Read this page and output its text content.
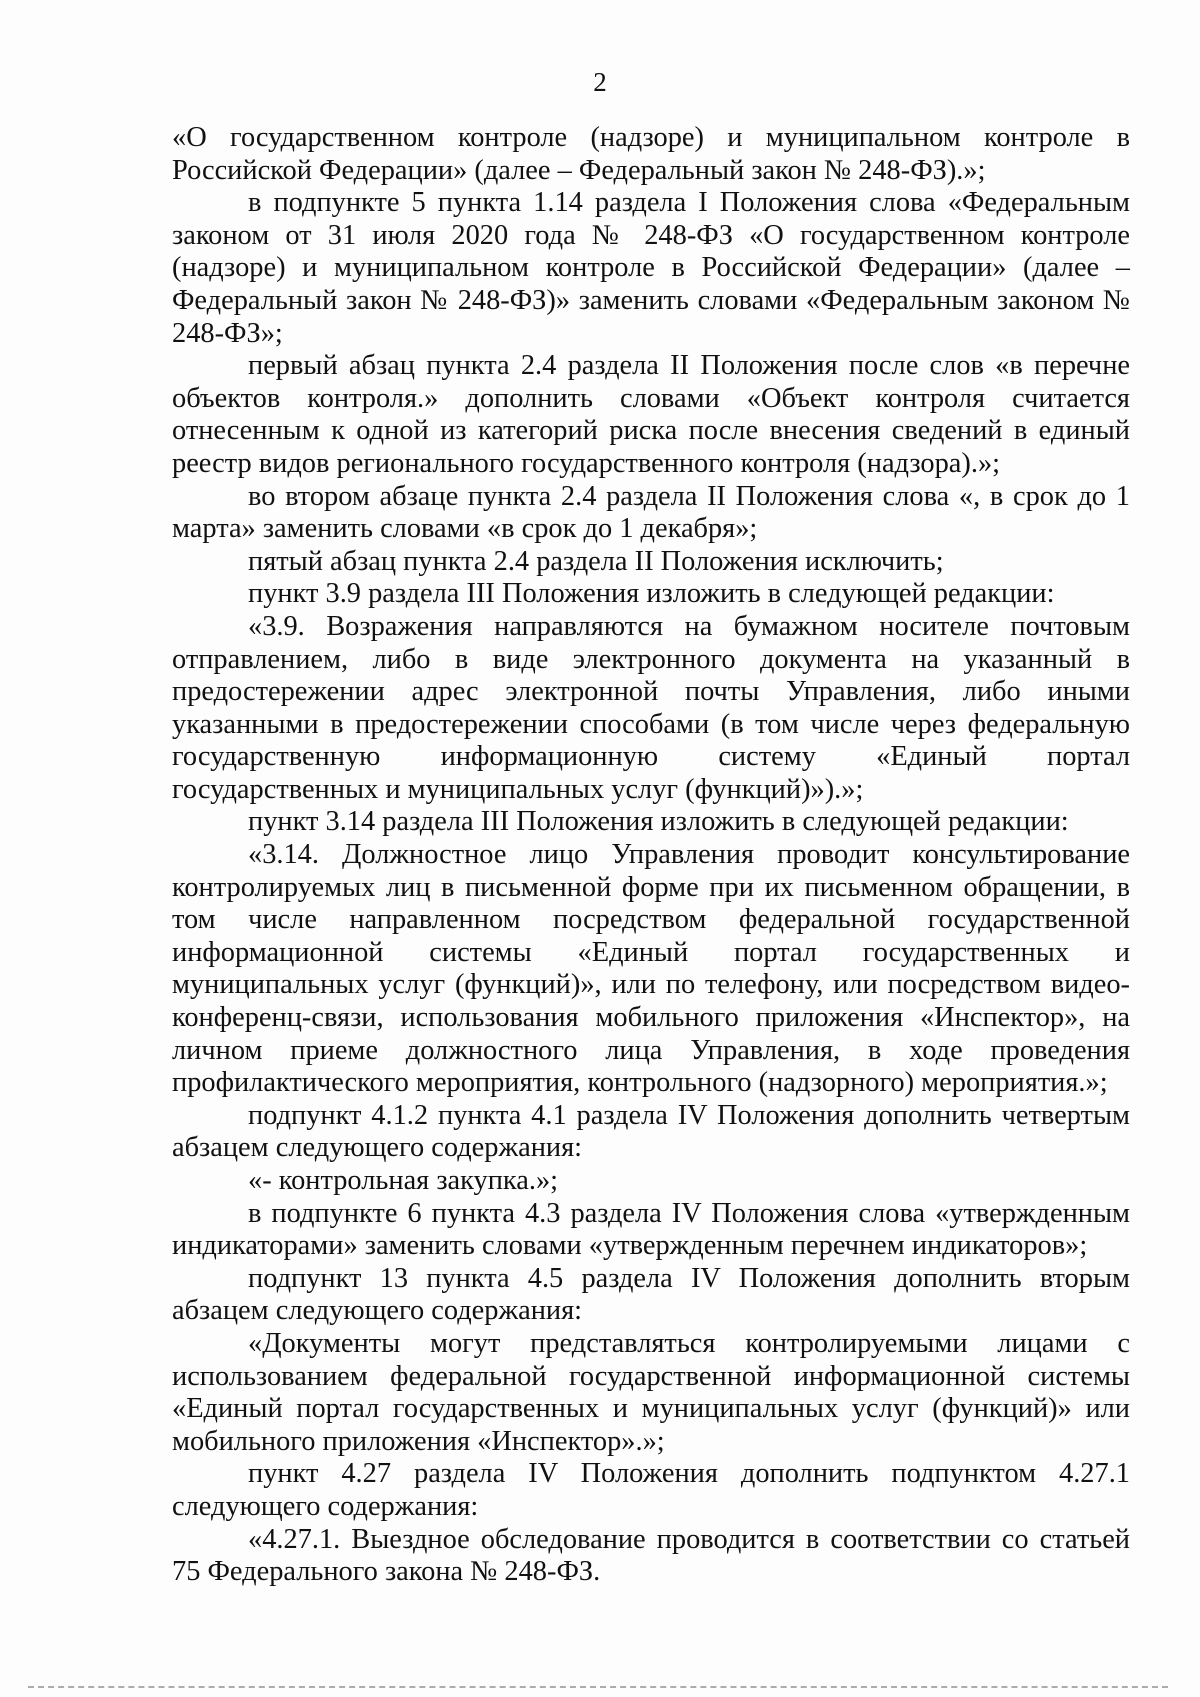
2

«О государственном контроле (надзоре) и муниципальном контроле в Российской Федерации» (далее – Федеральный закон № 248-ФЗ).»;

в подпункте 5 пункта 1.14 раздела I Положения слова «Федеральным законом от 31 июля 2020 года № 248-ФЗ «О государственном контроле (надзоре) и муниципальном контроле в Российской Федерации» (далее – Федеральный закон № 248-ФЗ)» заменить словами «Федеральным законом № 248-ФЗ»;

первый абзац пункта 2.4 раздела II Положения после слов «в перечне объектов контроля.» дополнить словами «Объект контроля считается отнесенным к одной из категорий риска после внесения сведений в единый реестр видов регионального государственного контроля (надзора).»;

во втором абзаце пункта 2.4 раздела II Положения слова «, в срок до 1 марта» заменить словами «в срок до 1 декабря»;

пятый абзац пункта 2.4 раздела II Положения исключить;

пункт 3.9 раздела III Положения изложить в следующей редакции:

«3.9. Возражения направляются на бумажном носителе почтовым отправлением, либо в виде электронного документа на указанный в предостережении адрес электронной почты Управления, либо иными указанными в предостережении способами (в том числе через федеральную государственную информационную систему «Единый портал государственных и муниципальных услуг (функций)»).»;

пункт 3.14 раздела III Положения изложить в следующей редакции:

«3.14. Должностное лицо Управления проводит консультирование контролируемых лиц в письменной форме при их письменном обращении, в том числе направленном посредством федеральной государственной информационной системы «Единый портал государственных и муниципальных услуг (функций)», или по телефону, или посредством видео-конференц-связи, использования мобильного приложения «Инспектор», на личном приеме должностного лица Управления, в ходе проведения профилактического мероприятия, контрольного (надзорного) мероприятия.»;

подпункт 4.1.2 пункта 4.1 раздела IV Положения дополнить четвертым абзацем следующего содержания:

«- контрольная закупка.»;

в подпункте 6 пункта 4.3 раздела IV Положения слова «утвержденным индикаторами» заменить словами «утвержденным перечнем индикаторов»;

подпункт 13 пункта 4.5 раздела IV Положения дополнить вторым абзацем следующего содержания:

«Документы могут представляться контролируемыми лицами с использованием федеральной государственной информационной системы «Единый портал государственных и муниципальных услуг (функций)» или мобильного приложения «Инспектор».»;

пункт 4.27 раздела IV Положения дополнить подпунктом 4.27.1 следующего содержания:

«4.27.1. Выездное обследование проводится в соответствии со статьей 75 Федерального закона № 248-ФЗ.
